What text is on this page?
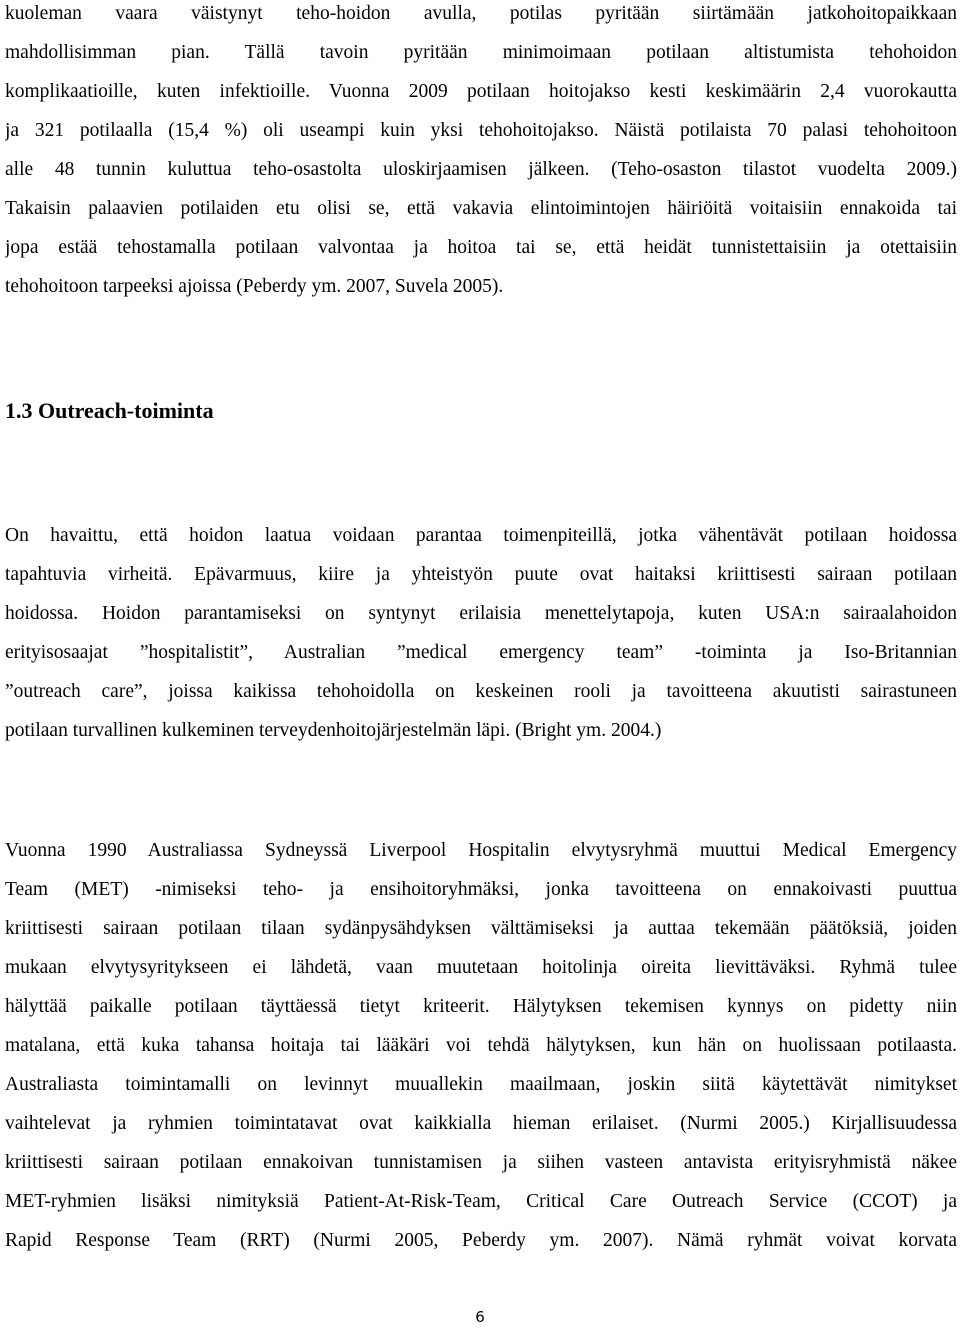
kuoleman vaara väistynyt teho-hoidon avulla, potilas pyritään siirtämään jatkohoitopaikkaan
mahdollisimman pian. Tällä tavoin pyritään minimoimaan potilaan altistumista tehohoidon
komplikaatioille, kuten infektioille. Vuonna 2009 potilaan hoitojakso kesti keskimäärin 2,4 vuorokautta
ja 321 potilaalla (15,4 %) oli useampi kuin yksi tehohoitojakso. Näistä potilaista 70 palasi tehohoitoon
alle 48 tunnin kuluttua teho-osastolta uloskirjaamisen jälkeen. (Teho-osaston tilastot vuodelta 2009.)
Takaisin palaavien potilaiden etu olisi se, että vakavia elintoimintojen häiriöitä voitaisiin ennakoida tai
jopa estää tehostamalla potilaan valvontaa ja hoitoa tai se, että heidät tunnistettaisiin ja otettaisiin
tehohoitoon tarpeeksi ajoissa (Peberdy ym. 2007, Suvela 2005).
1.3 Outreach-toiminta
On havaittu, että hoidon laatua voidaan parantaa toimenpiteillä, jotka vähentävät potilaan hoidossa
tapahtuvia virheitä. Epävarmuus, kiire ja yhteistyön puute ovat haitaksi kriittisesti sairaan potilaan
hoidossa. Hoidon parantamiseksi on syntynyt erilaisia menettelytapoja, kuten USA:n sairaalahoidon
erityisosaajat ”hospitalistit”, Australian ”medical emergency team” -toiminta ja Iso-Britannian
”outreach care”, joissa kaikissa tehohoidolla on keskeinen rooli ja tavoitteena akuutisti sairastuneen
potilaan turvallinen kulkeminen terveydenhoitojärjestelmän läpi. (Bright ym. 2004.)
Vuonna 1990 Australiassa Sydneyssä Liverpool Hospitalin elvytysryhmä muuttui Medical Emergency
Team (MET) -nimiseksi teho- ja ensihoitoryhmäksi, jonka tavoitteena on ennakoivasti puuttua
kriittisesti sairaan potilaan tilaan sydänpysähdyksen välttämiseksi ja auttaa tekemään päätöksiä, joiden
mukaan elvytysyritykseen ei lähdetä, vaan muutetaan hoitolinja oireita lievittäväksi. Ryhmä tulee
hälyttää paikalle potilaan täyttäessä tietyt kriteerit. Hälytyksen tekemisen kynnys on pidetty niin
matalana, että kuka tahansa hoitaja tai lääkäri voi tehdä hälytyksen, kun hän on huolissaan potilaasta.
Australiasta toimintamalli on levinnyt muuallekin maailmaan, joskin siitä käytettävät nimitykset
vaihtelevat ja ryhmien toimintatavat ovat kaikkialla hieman erilaiset. (Nurmi 2005.) Kirjallisuudessa
kriittisesti sairaan potilaan ennakoivan tunnistamisen ja siihen vasteen antavista erityisryhmistä näkee
MET-ryhmien lisäksi nimityksiä Patient-At-Risk-Team, Critical Care Outreach Service (CCOT) ja
Rapid Response Team (RRT) (Nurmi 2005, Peberdy ym. 2007). Nämä ryhmät voivat korvata
6
